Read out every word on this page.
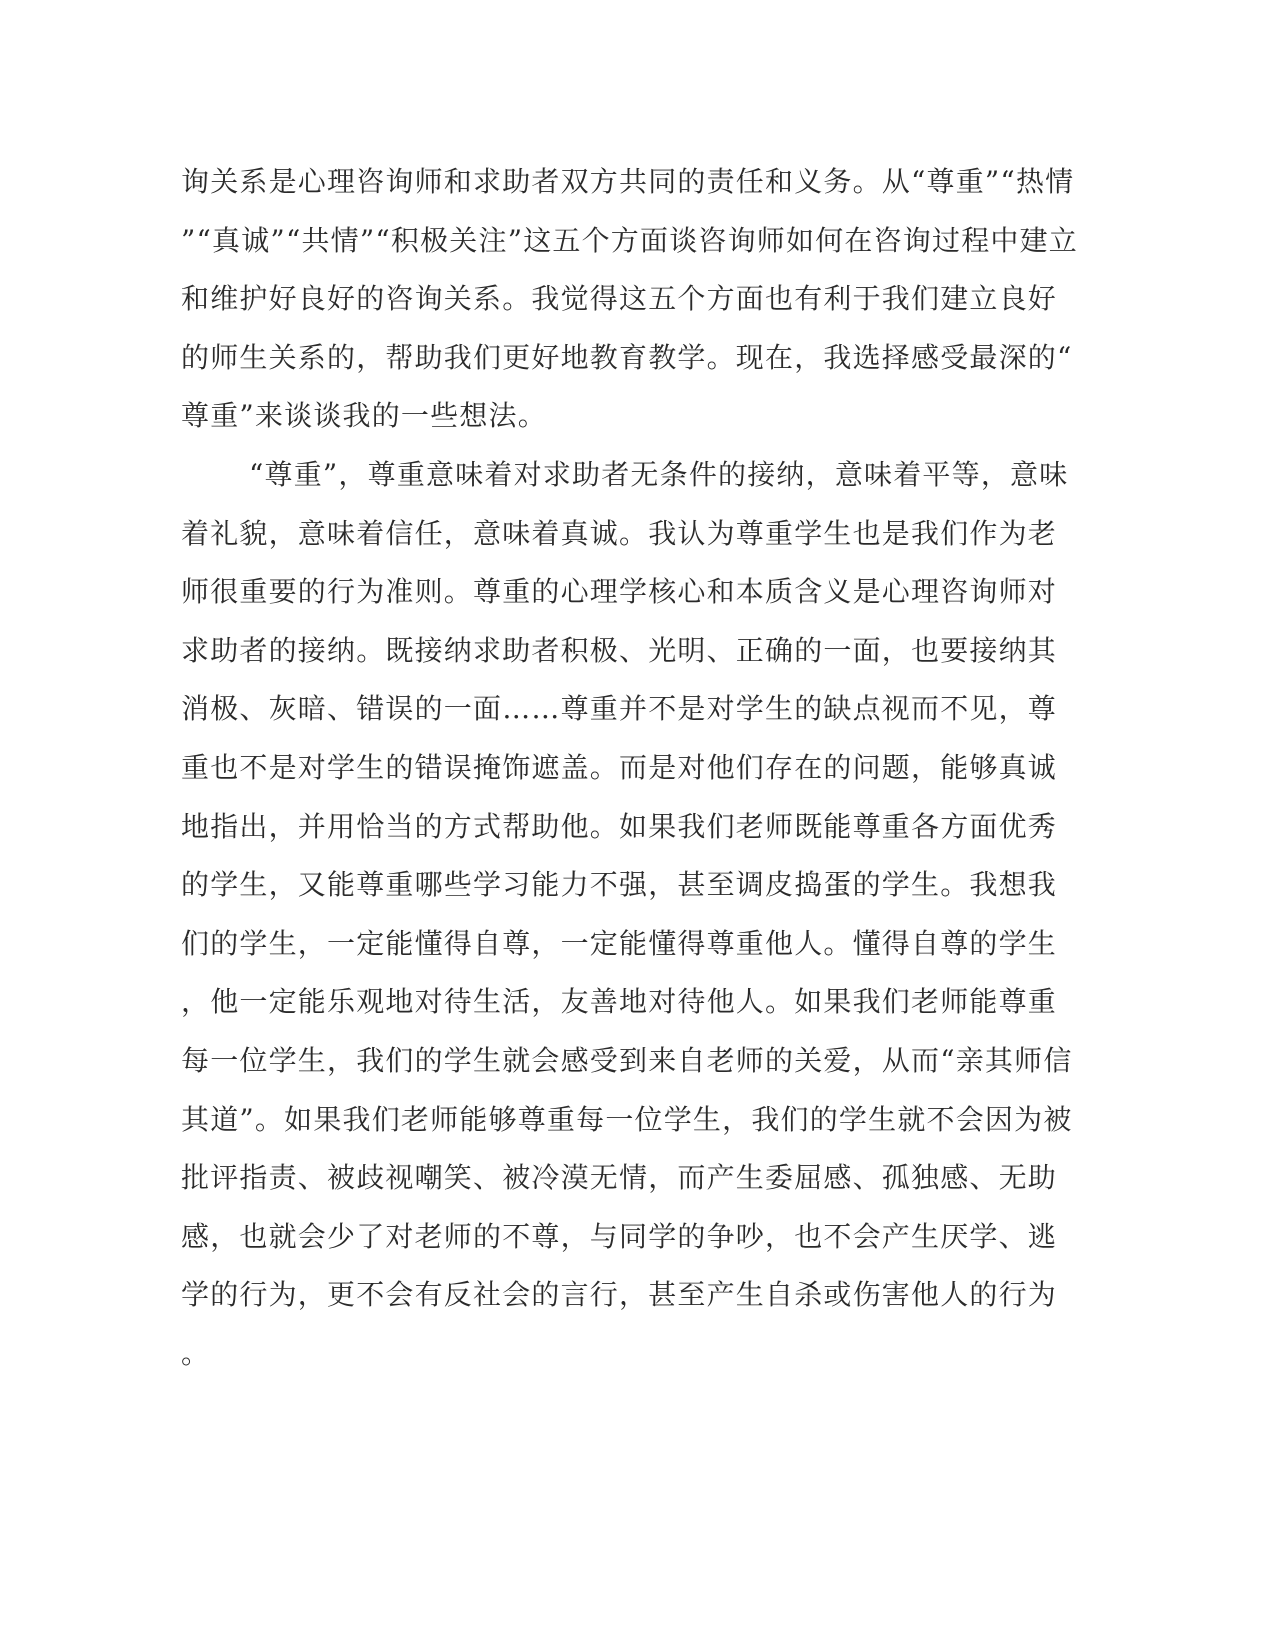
询关系是心理咨询师和求助者双方共同的责任和义务。从“尊重”“热情
”“真诚”“共情”“积极关注”这五个方面谈咨询师如何在咨询过程中建立
和维护好良好的咨询关系。我觉得这五个方面也有利于我们建立良好
的师生关系的，帮助我们更好地教育教学。现在，我选择感受最深的“
尊重”来谈谈我的一些想法。
“尊重”，尊重意味着对求助者无条件的接纳，意味着平等，意味
着礼貌，意味着信任，意味着真诚。我认为尊重学生也是我们作为老
师很重要的行为准则。尊重的心理学核心和本质含义是心理咨询师对
求助者的接纳。既接纳求助者积极、光明、正确的一面，也要接纳其
消极、灰暗、错误的一面……尊重并不是对学生的缺点视而不见，尊
重也不是对学生的错误掩饰遮盖。而是对他们存在的问题，能够真诚
地指出，并用恰当的方式帮助他。如果我们老师既能尊重各方面优秀
的学生，又能尊重哪些学习能力不强，甚至调皮捣蛋的学生。我想我
们的学生，一定能懂得自尊，一定能懂得尊重他人。懂得自尊的学生
，他一定能乐观地对待生活，友善地对待他人。如果我们老师能尊重
每一位学生，我们的学生就会感受到来自老师的关爱，从而“亲其师信
其道”。如果我们老师能够尊重每一位学生，我们的学生就不会因为被
批评指责、被歧视嘲笑、被冷漠无情，而产生委屈感、孤独感、无助
感，也就会少了对老师的不尊，与同学的争吵，也不会产生厌学、逃
学的行为，更不会有反社会的言行，甚至产生自杀或伤害他人的行为
。
